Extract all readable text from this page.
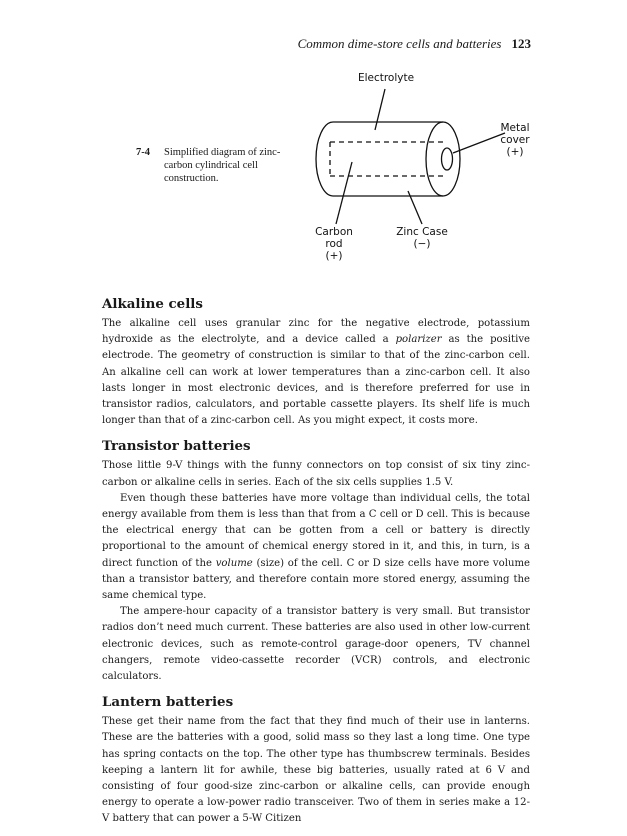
Common dime-store cells and batteries 123
Electrolyte
Metal
cover
(+)
Carbon
rod
(+)
Zinc Case
(−)
7-4 Simplified diagram of zinc-carbon cylindrical cell construction.
Alkaline cells

The alkaline cell uses granular zinc for the negative electrode, potassium hydroxide as the electrolyte, and a device called a polarizer as the positive electrode. The geometry of construction is similar to that of the zinc-carbon cell. An alkaline cell can work at lower temperatures than a zinc-carbon cell. It also lasts longer in most electronic devices, and is therefore preferred for use in transistor radios, calculators, and portable cassette players. Its shelf life is much longer than that of a zinc-carbon cell. As you might expect, it costs more.

Transistor batteries

Those little 9-V things with the funny connectors on top consist of six tiny zinc-carbon or alkaline cells in series. Each of the six cells supplies 1.5 V.

Even though these batteries have more voltage than individual cells, the total energy available from them is less than that from a C cell or D cell. This is because the electrical energy that can be gotten from a cell or battery is directly proportional to the amount of chemical energy stored in it, and this, in turn, is a direct function of the volume (size) of the cell. C or D size cells have more volume than a transistor battery, and therefore contain more stored energy, assuming the same chemical type.

The ampere-hour capacity of a transistor battery is very small. But transistor radios don’t need much current. These batteries are also used in other low-current electronic devices, such as remote-control garage-door openers, TV channel changers, remote video-cassette recorder (VCR) controls, and electronic calculators.

Lantern batteries

These get their name from the fact that they find much of their use in lanterns. These are the batteries with a good, solid mass so they last a long time. One type has spring contacts on the top. The other type has thumbscrew terminals. Besides keeping a lantern lit for awhile, these big batteries, usually rated at 6 V and consisting of four good-size zinc-carbon or alkaline cells, can provide enough energy to operate a low-power radio transceiver. Two of them in series make a 12-V battery that can power a 5-W Citizen
